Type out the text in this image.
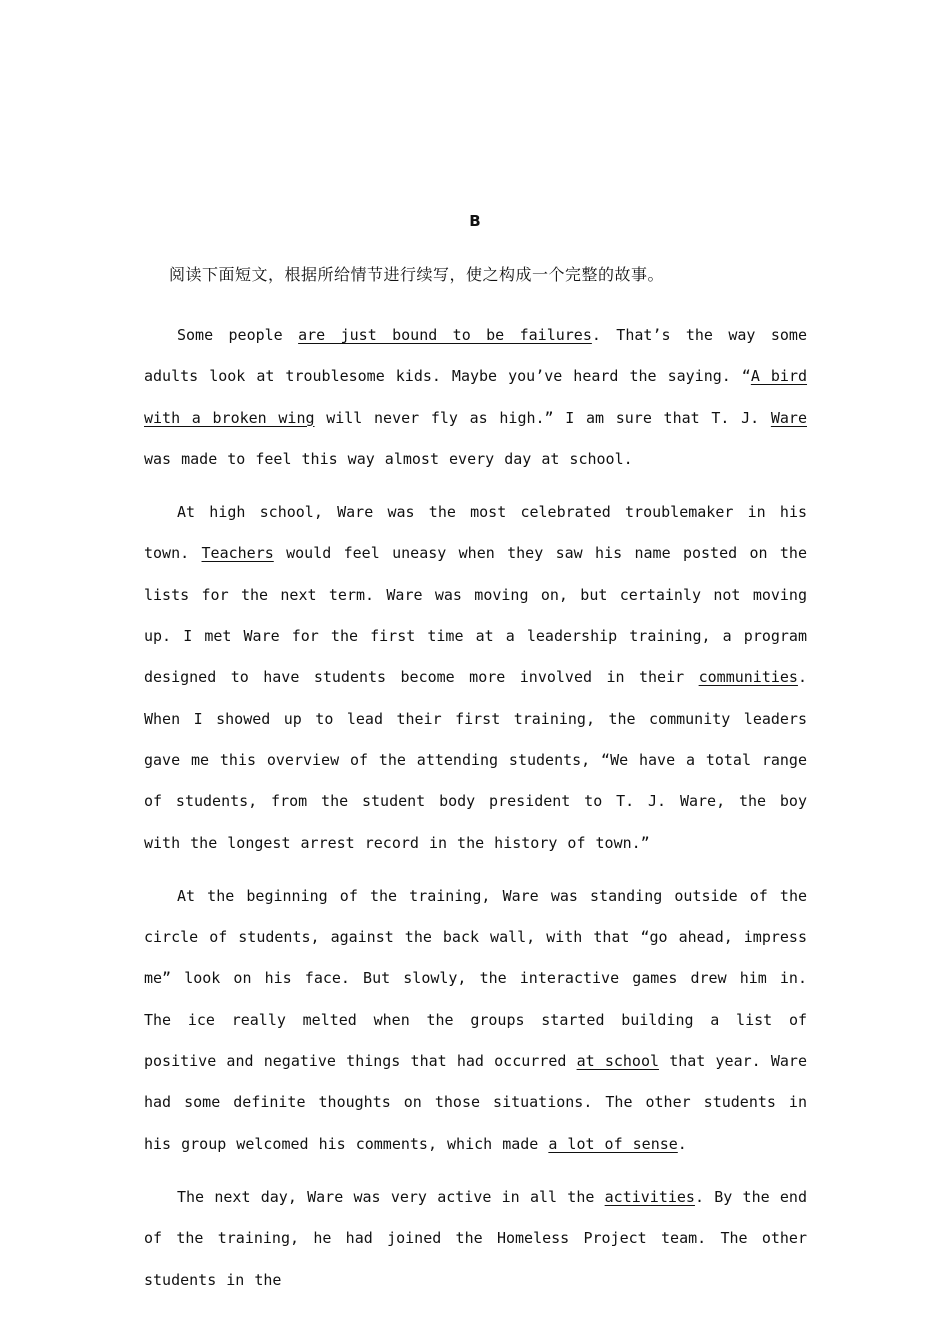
B
阅读下面短文，根据所给情节进行续写，使之构成一个完整的故事。

Some people are just bound to be failures. That’s the way some adults look at troublesome kids. Maybe you’ve heard the saying. “A bird with a broken wing will never fly as high.” I am sure that T. J. Ware was made to feel this way almost every day at school.

At high school, Ware was the most celebrated troublemaker in his town. Teachers would feel uneasy when they saw his name posted on the lists for the next term. Ware was moving on, but certainly not moving up. I met Ware for the first time at a leadership training, a program designed to have students become more involved in their communities. When I showed up to lead their first training, the community leaders gave me this overview of the attending students, “We have a total range of students, from the student body president to T. J. Ware, the boy with the longest arrest record in the history of town.”

At the beginning of the training, Ware was standing outside of the circle of students, against the back wall, with that “go ahead, impress me” look on his face. But slowly, the interactive games drew him in. The ice really melted when the groups started building a list of positive and negative things that had occurred at school that year. Ware had some definite thoughts on those situations. The other students in his group welcomed his comments, which made a lot of sense.

The next day, Ware was very active in all the activities. By the end of the training, he had joined the Homeless Project team. The other students in the
